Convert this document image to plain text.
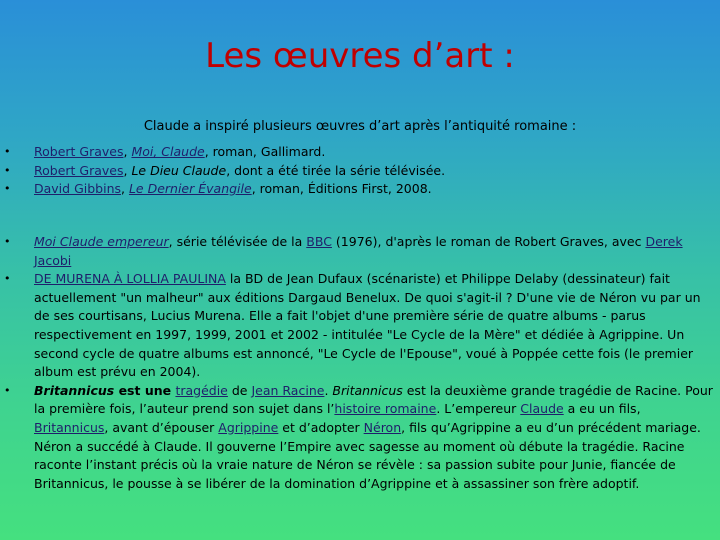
Les œuvres d’art :
Claude a inspiré plusieurs œuvres d’art après l’antiquité romaine :
• Robert Graves, Moi, Claude, roman, Gallimard.
• Robert Graves, Le Dieu Claude, dont a été tirée la série télévisée.
• David Gibbins, Le Dernier Évangile, roman, Éditions First, 2008.
• Moi Claude empereur, série télévisée de la BBC (1976), d'après le roman de Robert Graves, avec Derek Jacobi
• DE MURENA À LOLLIA PAULINA la BD de Jean Dufaux (scénariste) et Philippe Delaby (dessinateur) fait actuellement "un malheur" aux éditions Dargaud Benelux. De quoi s'agit-il ? D'une vie de Néron vu par un de ses courtisans, Lucius Murena. Elle a fait l'objet d'une première série de quatre albums - parus respectivement en 1997, 1999, 2001 et 2002 - intitulée "Le Cycle de la Mère" et dédiée à Agrippine. Un second cycle de quatre albums est annoncé, "Le Cycle de l'Epouse", voué à Poppée cette fois (le premier album est prévu en 2004).
• Britannicus est une tragédie de Jean Racine. Britannicus est la deuxième grande tragédie de Racine. Pour la première fois, l’auteur prend son sujet dans l’histoire romaine. L’empereur Claude a eu un fils, Britannicus, avant d’épouser Agrippine et d’adopter Néron, fils qu’Agrippine a eu d’un précédent mariage. Néron a succédé à Claude. Il gouverne l’Empire avec sagesse au moment où débute la tragédie. Racine raconte l’instant précis où la vraie nature de Néron se révèle : sa passion subite pour Junie, fiancée de Britannicus, le pousse à se libérer de la domination d’Agrippine et à assassiner son frère adoptif.
